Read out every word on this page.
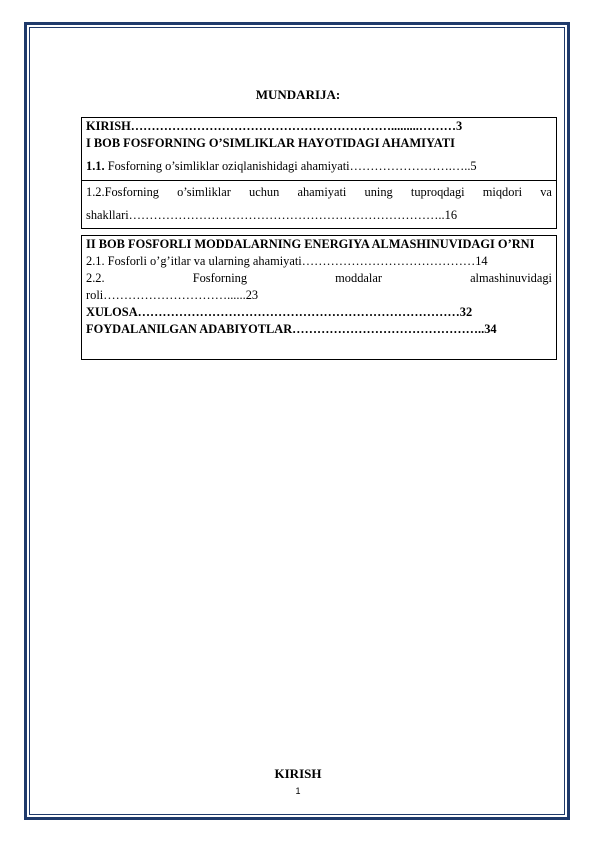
MUNDARIJA:
KIRISH……………………………………………………….........………3
I BOB FOSFORNING O’SIMLIKLAR HAYOTIDAGI AHAMIYATI
1.1. Fosforning o’simliklar oziqlanishidagi ahamiyati…………………….…..5
1.2.Fosforning o’simliklar uchun ahamiyati uning tuproqdagi miqdori va
shakllari…………………………………………………………………..16
II BOB FOSFORLI MODDALARNING ENERGIYA ALMASHINUVIDAGI O’RNI
2.1. Fosforli o’g’itlar va ularning ahamiyati……………………………………14
2.2.	Fosforning	moddalar	almashinuvidagi
roli…………………………......23
XULOSA……………………………………………………………………32
FOYDALANILGAN ADABIYOTLAR………………………………………..34
KIRISH
1
